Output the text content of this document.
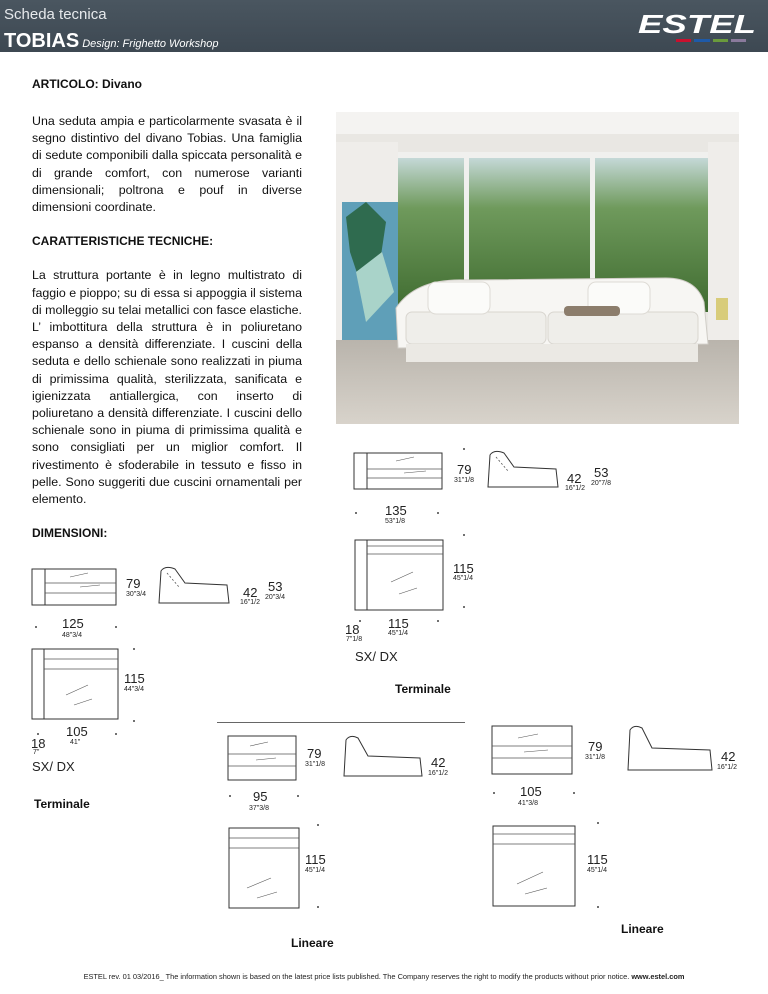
Scheda tecnica
TOBIAS Design: Frighetto Workshop
ESTEL
ARTICOLO: Divano

Una seduta ampia e particolarmente svasata è il segno distintivo del divano Tobias. Una famiglia di sedute componibili dalla spiccata personalità e di grande comfort, con numerose varianti dimensionali; poltrona e pouf in diverse dimensioni coordinate.

CARATTERISTICHE TECNICHE:

La struttura portante è in legno multistrato di faggio e pioppo; su di essa si appoggia il sistema di molleggio su telai metallici con fasce elastiche. L’ imbottitura della struttura è in poliuretano espanso a densità differenziate. I cuscini della seduta e dello schienale sono realizzati in piuma di primissima qualità, sterilizzata, sanificata e igienizzata antiallergica, con inserto di poliuretano a densità differenziate. I cuscini dello schienale sono in piuma di primissima qualità e sono consigliati per un miglior comfort. Il rivestimento è sfoderabile in tessuto e fisso in pelle. Sono suggeriti due cuscini ornamentali per elemento.

DIMENSIONI:
79
30"3/4	42
16"1/2
53
20"3/4
125
48"3/4
115
44"3/4
18
7"
105
41"
SX/ DX
Terminale
79
31"1/8	42
16"1/2
53
20"7/8
135
53"1/8
115
45"1/4
18
7"1/8
115
45"1/4
SX/ DX
Terminale
79
31"1/8	42
16"1/2
95
37"3/8
115
45"1/4
Lineare
79
31"1/8	42
16"1/2
105
41"3/8
115
45"1/4
Lineare
ESTEL rev. 01 03/2016_ The information shown is based on the latest price lists published. The Company reserves the right to modify the products without prior notice. www.estel.com
